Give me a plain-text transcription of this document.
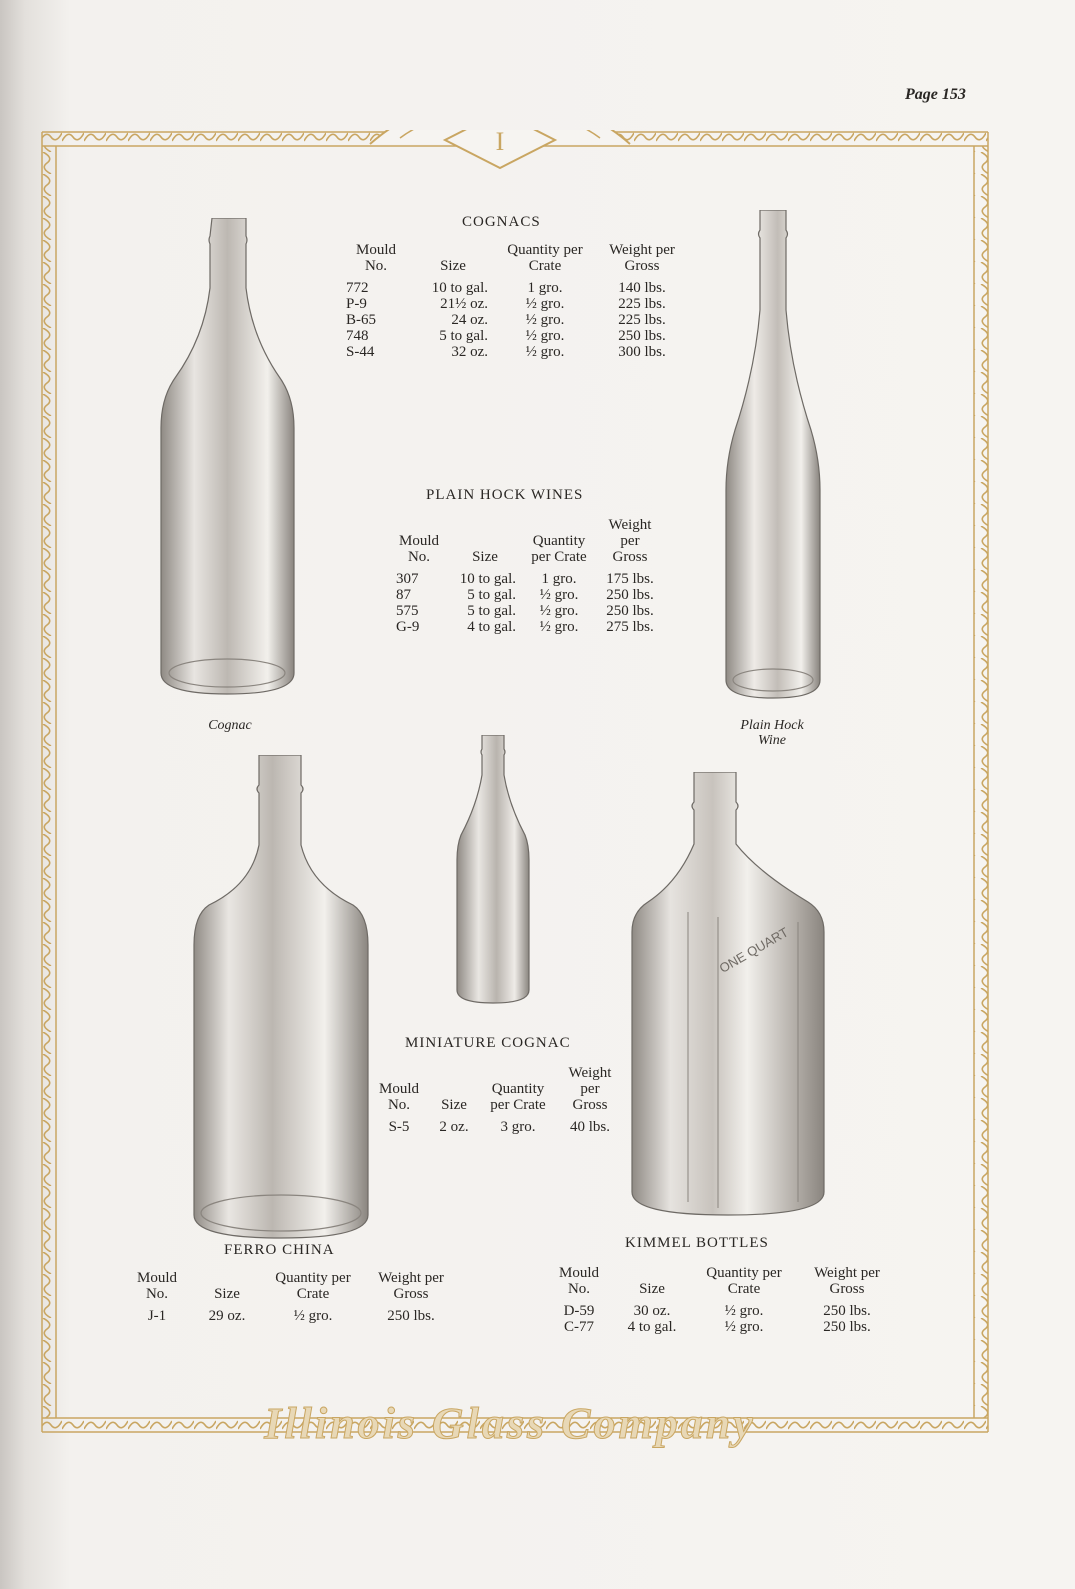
Page 153
I
COGNACS
Mould No.	Size	Quantity per Crate	Weight per Gross
772	10 to gal.	1 gro.	140 lbs.
P-9	21½ oz.	½ gro.	225 lbs.
B-65	24 oz.	½ gro.	225 lbs.
748	5 to gal.	½ gro.	250 lbs.
S-44	32 oz.	½ gro.	300 lbs.
PLAIN HOCK WINES
Mould No.	Size	Quantity per Crate	Weight per Gross
307	10 to gal.	1 gro.	175 lbs.
87	5 to gal.	½ gro.	250 lbs.
575	5 to gal.	½ gro.	250 lbs.
G-9	4 to gal.	½ gro.	275 lbs.
MINIATURE COGNAC
Mould No.	Size	Quantity per Crate	Weight per Gross
S-5	2 oz.	3 gro.	40 lbs.
FERRO CHINA
Mould No.	Size	Quantity per Crate	Weight per Gross
J-1	29 oz.	½ gro.	250 lbs.
KIMMEL BOTTLES
Mould No.	Size	Quantity per Crate	Weight per Gross
D-59	30 oz.	½ gro.	250 lbs.
C-77	4 to gal.	½ gro.	250 lbs.
Cognac	Plain Hock
Wine
ONE QUART
Illinois Glass Company
